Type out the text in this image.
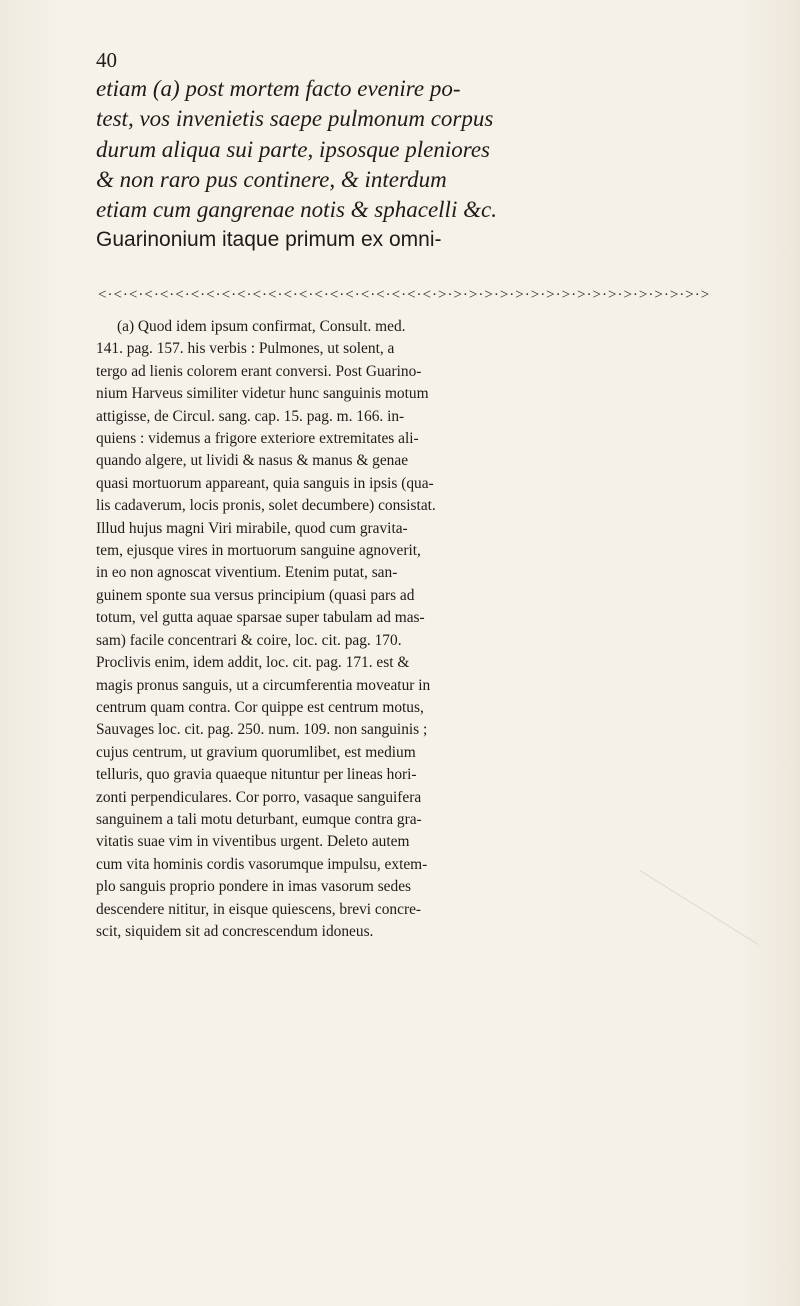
40
etiam (a) post mortem facto evenire po-
test, vos invenietis saepe pulmonum corpus
durum aliqua sui parte, ipsosque pleniores
& non raro pus continere, & interdum
etiam cum gangrenae notis & sphacelli &c.
Guarinonium itaque primum ex omni-
<·<·<·<·<·<·<·<·<·<·<·<·<·<·<·<·<·<·<·<·<·<·>·>·>·>·>·>·>·>·>·>·>·>·>·>·>·>·>·>
(a) Quod idem ipsum confirmat, Consult. med.
141. pag. 157. his verbis : Pulmones, ut solent, a
tergo ad lienis colorem erant conversi. Post Guarino-
nium Harveus similiter videtur hunc sanguinis motum
attigisse, de Circul. sang. cap. 15. pag. m. 166. in-
quiens : videmus a frigore exteriore extremitates ali-
quando algere, ut lividi & nasus & manus & genae
quasi mortuorum appareant, quia sanguis in ipsis (qua-
lis cadaverum, locis pronis, solet decumbere) consistat.
Illud hujus magni Viri mirabile, quod cum gravita-
tem, ejusque vires in mortuorum sanguine agnoverit,
in eo non agnoscat viventium. Etenim putat, san-
guinem sponte sua versus principium (quasi pars ad
totum, vel gutta aquae sparsae super tabulam ad mas-
sam) facile concentrari & coire, loc. cit. pag. 170.
Proclivis enim, idem addit, loc. cit. pag. 171. est &
magis pronus sanguis, ut a circumferentia moveatur in
centrum quam contra. Cor quippe est centrum motus,
Sauvages loc. cit. pag. 250. num. 109. non sanguinis ;
cujus centrum, ut gravium quorumlibet, est medium
telluris, quo gravia quaeque nituntur per lineas hori-
zonti perpendiculares. Cor porro, vasaque sanguifera
sanguinem a tali motu deturbant, eumque contra gra-
vitatis suae vim in viventibus urgent. Deleto autem
cum vita hominis cordis vasorumque impulsu, extem-
plo sanguis proprio pondere in imas vasorum sedes
descendere nititur, in eisque quiescens, brevi concre-
scit, siquidem sit ad concrescendum idoneus.
